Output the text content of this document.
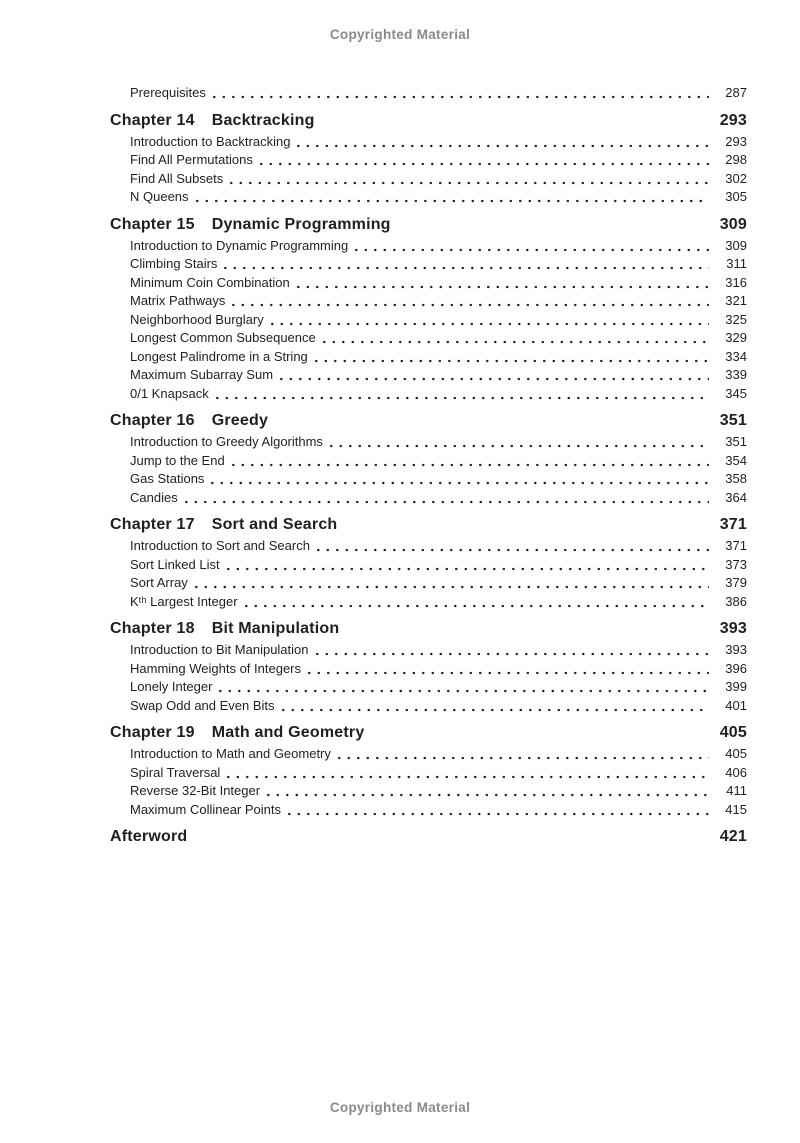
Copyrighted Material
Prerequisites	287
Chapter 14 Backtracking	293
Introduction to Backtracking	293
Find All Permutations	298
Find All Subsets	302
N Queens	305
Chapter 15 Dynamic Programming	309
Introduction to Dynamic Programming	309
Climbing Stairs	311
Minimum Coin Combination	316
Matrix Pathways	321
Neighborhood Burglary	325
Longest Common Subsequence	329
Longest Palindrome in a String	334
Maximum Subarray Sum	339
0/1 Knapsack	345
Chapter 16 Greedy	351
Introduction to Greedy Algorithms	351
Jump to the End	354
Gas Stations	358
Candies	364
Chapter 17 Sort and Search	371
Introduction to Sort and Search	371
Sort Linked List	373
Sort Array	379
Kᵗʰ Largest Integer	386
Chapter 18 Bit Manipulation	393
Introduction to Bit Manipulation	393
Hamming Weights of Integers	396
Lonely Integer	399
Swap Odd and Even Bits	401
Chapter 19 Math and Geometry	405
Introduction to Math and Geometry	405
Spiral Traversal	406
Reverse 32-Bit Integer	411
Maximum Collinear Points	415
Afterword	421
Copyrighted Material
